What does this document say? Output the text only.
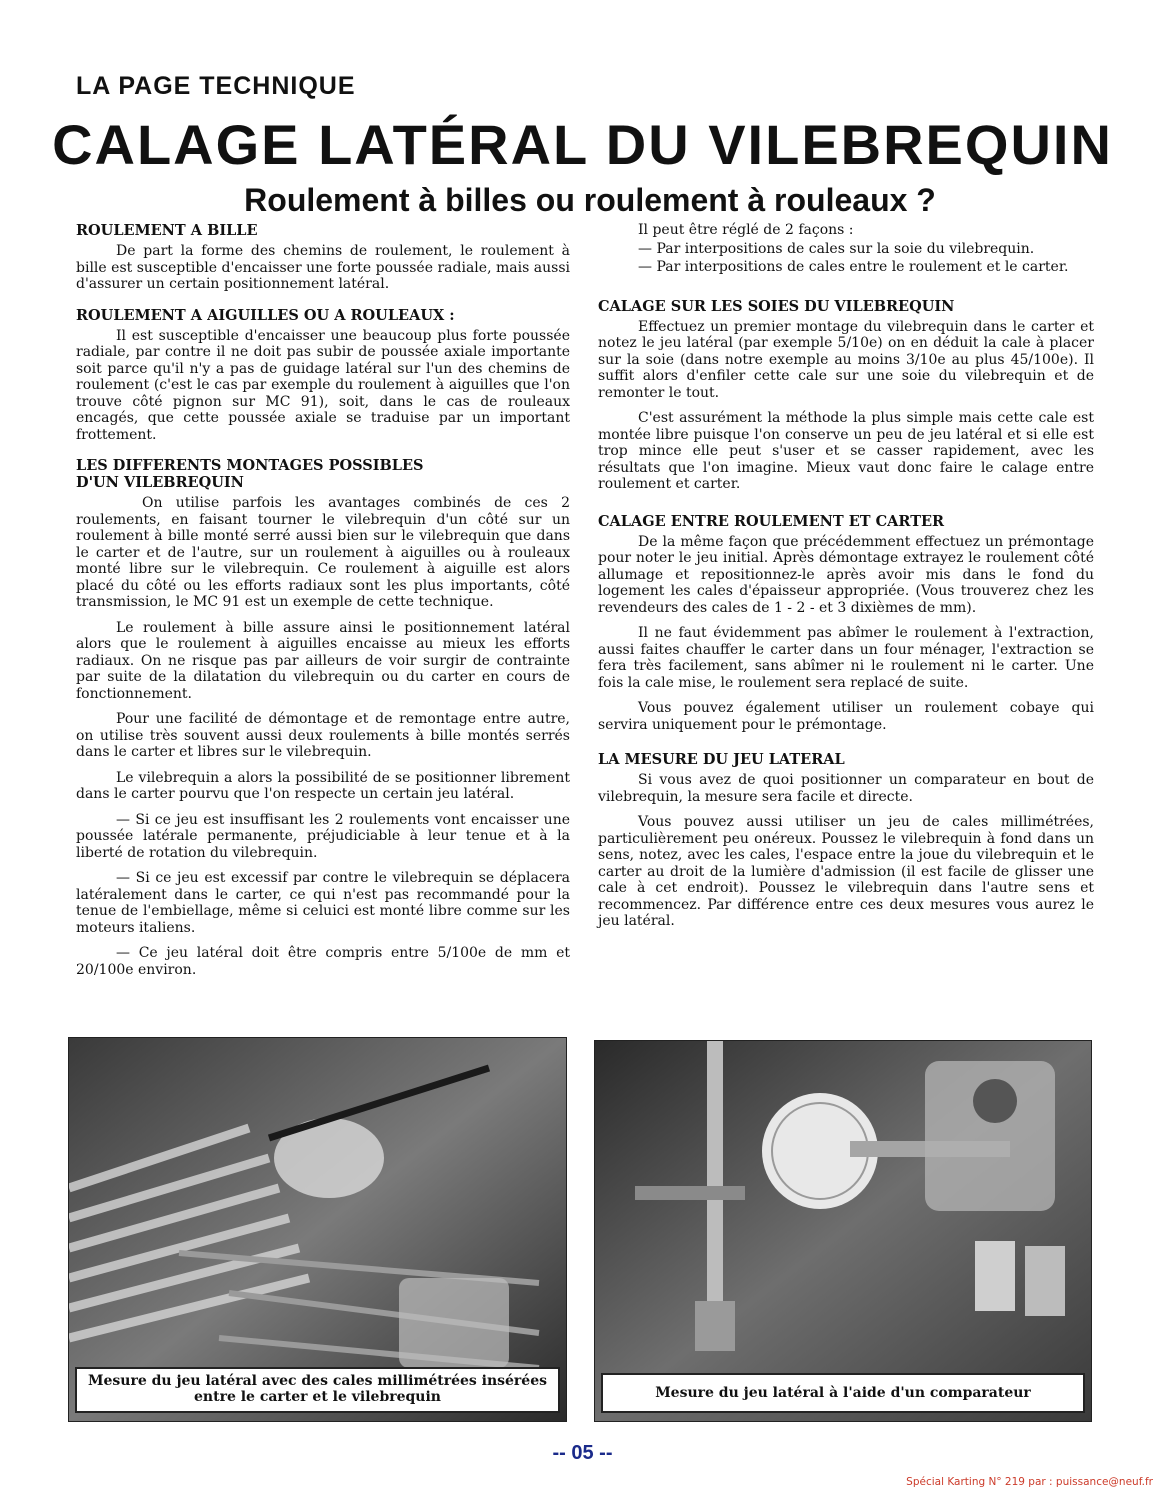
LA PAGE TECHNIQUE
CALAGE LATÉRAL DU VILEBREQUIN
Roulement à billes ou roulement à rouleaux ?
ROULEMENT A BILLE

De part la forme des chemins de roulement, le roulement à bille est susceptible d'encaisser une forte poussée radiale, mais aussi d'assurer un certain positionnement latéral.

ROULEMENT A AIGUILLES OU A ROULEAUX :

Il est susceptible d'encaisser une beaucoup plus forte poussée radiale, par contre il ne doit pas subir de poussée axiale importante soit parce qu'il n'y a pas de guidage latéral sur l'un des chemins de roulement (c'est le cas par exemple du roulement à aiguilles que l'on trouve côté pignon sur MC 91), soit, dans le cas de rouleaux encagés, que cette poussée axiale se traduise par un important frottement.

LES DIFFERENTS MONTAGES POSSIBLES D'UN VILEBREQUIN

On utilise parfois les avantages combinés de ces 2 roulements, en faisant tourner le vilebrequin d'un côté sur un roulement à bille monté serré aussi bien sur le vilebrequin que dans le carter et de l'autre, sur un roulement à aiguilles ou à rouleaux monté libre sur le vilebrequin. Ce roulement à aiguille est alors placé du côté ou les efforts radiaux sont les plus importants, côté transmission, le MC 91 est un exemple de cette technique.

Le roulement à bille assure ainsi le positionnement latéral alors que le roulement à aiguilles encaisse au mieux les efforts radiaux. On ne risque pas par ailleurs de voir surgir de contrainte par suite de la dilatation du vilebrequin ou du carter en cours de fonctionnement.

Pour une facilité de démontage et de remontage entre autre, on utilise très souvent aussi deux roulements à bille montés serrés dans le carter et libres sur le vilebrequin.

Le vilebrequin a alors la possibilité de se positionner librement dans le carter pourvu que l'on respecte un certain jeu latéral.

— Si ce jeu est insuffisant les 2 roulements vont encaisser une poussée latérale permanente, préjudiciable à leur tenue et à la liberté de rotation du vilebrequin.

— Si ce jeu est excessif par contre le vilebrequin se déplacera latéralement dans le carter, ce qui n'est pas recommandé pour la tenue de l'embiellage, même si celuici est monté libre comme sur les moteurs italiens.

— Ce jeu latéral doit être compris entre 5/100e de mm et 20/100e environ.

Il peut être réglé de 2 façons :

— Par interpositions de cales sur la soie du vilebrequin.

— Par interpositions de cales entre le roulement et le carter.

CALAGE SUR LES SOIES DU VILEBREQUIN

Effectuez un premier montage du vilebrequin dans le carter et notez le jeu latéral (par exemple 5/10e) on en déduit la cale à placer sur la soie (dans notre exemple au moins 3/10e au plus 45/100e). Il suffit alors d'enfiler cette cale sur une soie du vilebrequin et de remonter le tout.

C'est assurément la méthode la plus simple mais cette cale est montée libre puisque l'on conserve un peu de jeu latéral et si elle est trop mince elle peut s'user et se casser rapidement, avec les résultats que l'on imagine. Mieux vaut donc faire le calage entre roulement et carter.

CALAGE ENTRE ROULEMENT ET CARTER

De la même façon que précédemment effectuez un prémontage pour noter le jeu initial. Après démontage extrayez le roulement côté allumage et repositionnez-le après avoir mis dans le fond du logement les cales d'épaisseur appropriée. (Vous trouverez chez les revendeurs des cales de 1 - 2 - et 3 dixièmes de mm).

Il ne faut évidemment pas abîmer le roulement à l'extraction, aussi faites chauffer le carter dans un four ménager, l'extraction se fera très facilement, sans abîmer ni le roulement ni le carter. Une fois la cale mise, le roulement sera replacé de suite.

Vous pouvez également utiliser un roulement cobaye qui servira uniquement pour le prémontage.

LA MESURE DU JEU LATERAL

Si vous avez de quoi positionner un comparateur en bout de vilebrequin, la mesure sera facile et directe.

Vous pouvez aussi utiliser un jeu de cales millimétrées, particulièrement peu onéreux. Poussez le vilebrequin à fond dans un sens, notez, avec les cales, l'espace entre la joue du vilebrequin et le carter au droit de la lumière d'admission (il est facile de glisser une cale à cet endroit). Poussez le vilebrequin dans l'autre sens et recommencez. Par différence entre ces deux mesures vous aurez le jeu latéral.

Mesure du jeu latéral avec des cales millimétrées insérées entre le carter et le vilebrequin	Mesure du jeu latéral à l'aide d'un comparateur

-- 05 --

Spécial Karting N° 219 par : puissance@neuf.fr
